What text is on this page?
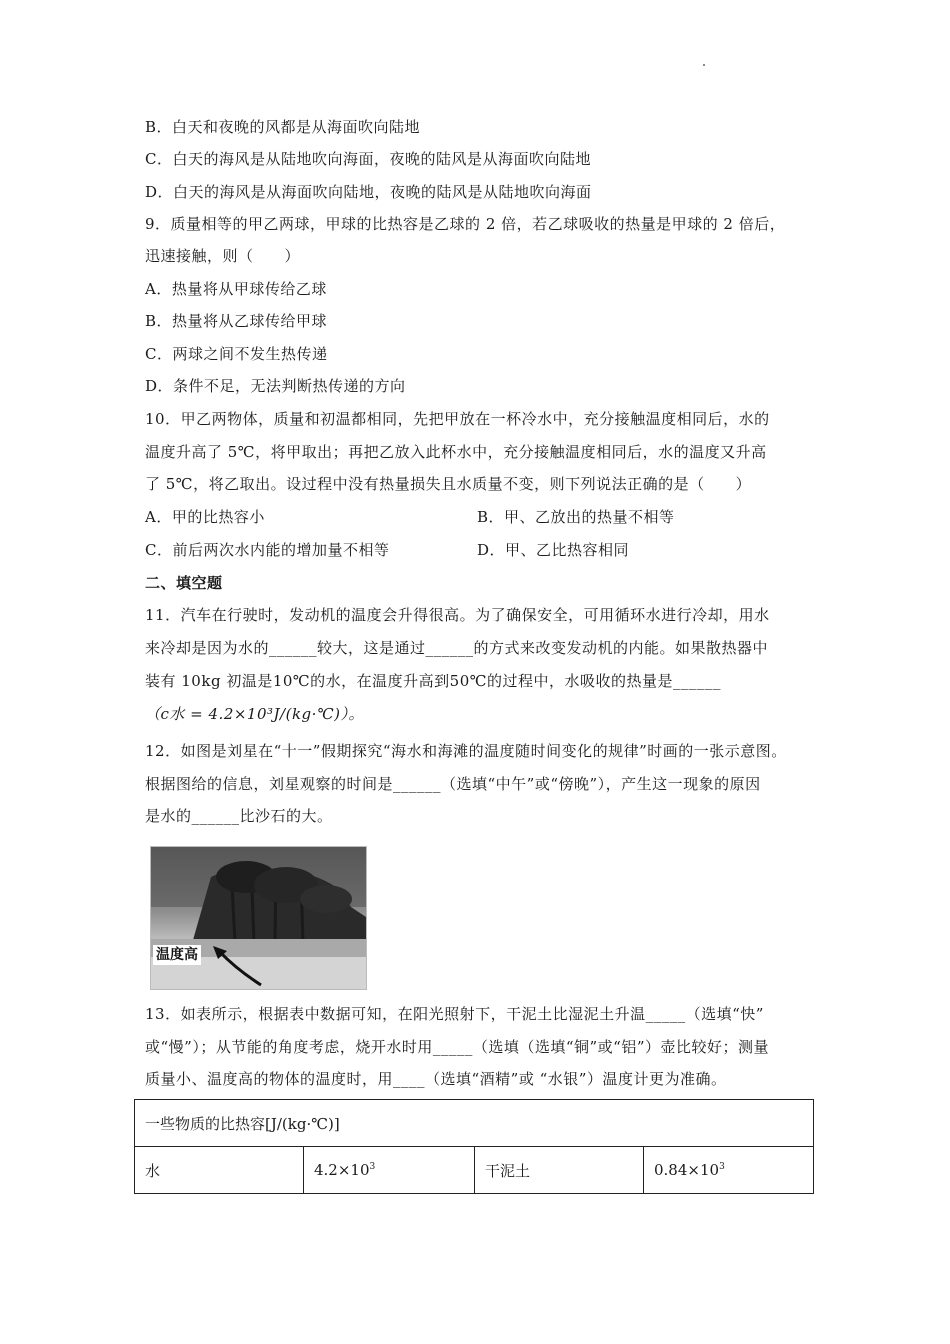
B．白天和夜晚的风都是从海面吹向陆地
C．白天的海风是从陆地吹向海面，夜晚的陆风是从海面吹向陆地
D．白天的海风是从海面吹向陆地，夜晚的陆风是从陆地吹向海面
9．质量相等的甲乙两球，甲球的比热容是乙球的 2 倍，若乙球吸收的热量是甲球的 2 倍后，
迅速接触，则（　　）
A．热量将从甲球传给乙球
B．热量将从乙球传给甲球
C．两球之间不发生热传递
D．条件不足，无法判断热传递的方向
10．甲乙两物体，质量和初温都相同，先把甲放在一杯冷水中，充分接触温度相同后，水的
温度升高了 5℃，将甲取出；再把乙放入此杯水中，充分接触温度相同后，水的温度又升高
了 5℃，将乙取出。设过程中没有热量损失且水质量不变，则下列说法正确的是（　　）
A．甲的比热容小	B．甲、乙放出的热量不相等
C．前后两次水内能的增加量不相等	D．甲、乙比热容相同
二、填空题
11．汽车在行驶时，发动机的温度会升得很高。为了确保安全，可用循环水进行冷却，用水
来冷却是因为水的______较大，这是通过______的方式来改变发动机的内能。如果散热器中
装有 10kg 初温是10℃的水，在温度升高到50℃的过程中，水吸收的热量是______
（c水 = 4.2×10³J/(kg·℃)）。
12．如图是刘星在“十一”假期探究“海水和海滩的温度随时间变化的规律”时画的一张示意图。
根据图给的信息，刘星观察的时间是______（选填“中午”或“傍晚”），产生这一现象的原因
是水的______比沙石的大。
温度高
13．如表所示，根据表中数据可知，在阳光照射下，干泥土比湿泥土升温_____（选填“快”
或“慢”）；从节能的角度考虑，烧开水时用_____（选填（选填“铜”或“铝”）壶比较好；测量
质量小、温度高的物体的温度时，用____（选填“酒精”或 “水银”）温度计更为准确。
一些物质的比热容[J/(kg·℃)]
水	$4.2\times 10^3$	干泥土	$0.84\times 10^3$
